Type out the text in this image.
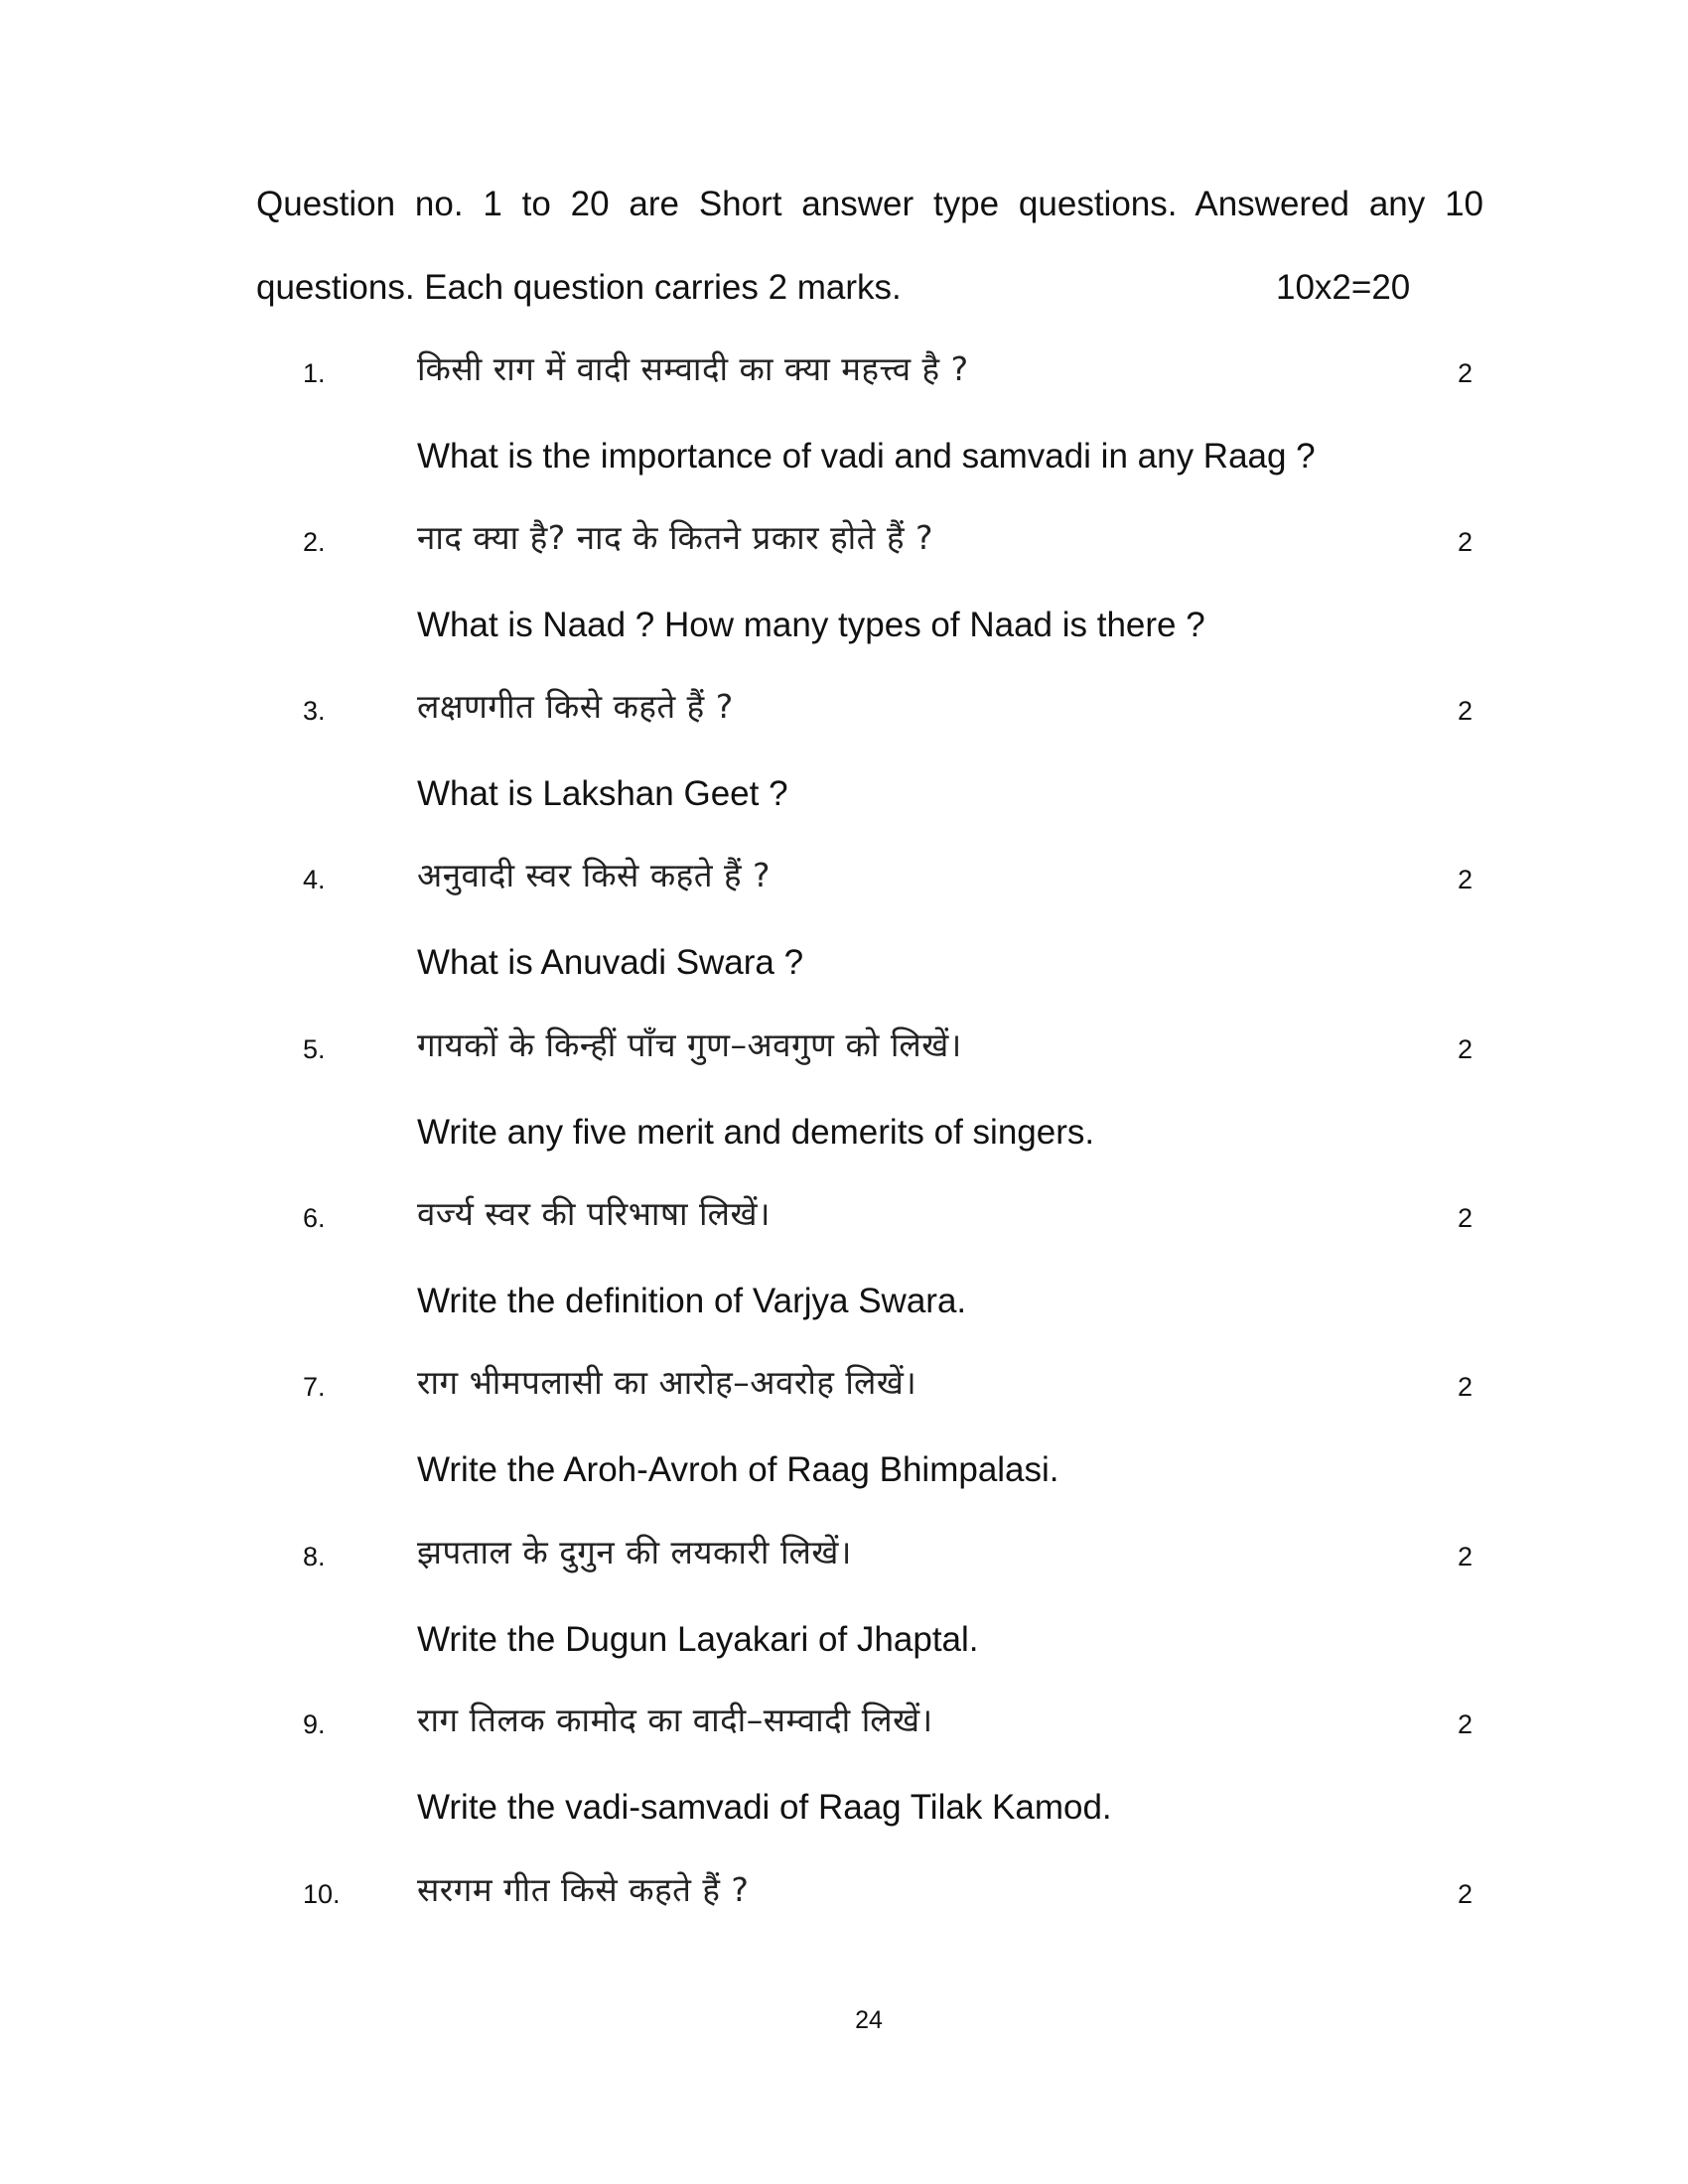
Question no. 1 to 20 are Short answer type questions. Answered any 10
questions. Each question carries 2 marks.	10x2=20
1.	किसी राग में वादी सम्वादी का क्या महत्त्व है ?	2
What is the importance of vadi and samvadi in any Raag ?
2.	नाद क्या है? नाद के कितने प्रकार होते हैं ?	2
What is Naad ? How many types of Naad is there ?
3.	लक्षणगीत किसे कहते हैं ?	2
What is Lakshan Geet ?
4.	अनुवादी स्वर किसे कहते हैं ?	2
What is Anuvadi Swara ?
5.	गायकों के किन्हीं पाँच गुण–अवगुण को लिखें।	2
Write any five merit and demerits of singers.
6.	वर्ज्य स्वर की परिभाषा लिखें।	2
Write the definition of Varjya Swara.
7.	राग भीमपलासी का आरोह–अवरोह लिखें।	2
Write the Aroh-Avroh of Raag Bhimpalasi.
8.	झपताल के दुगुन की लयकारी लिखें।	2
Write the Dugun Layakari of Jhaptal.
9.	राग तिलक कामोद का वादी–सम्वादी लिखें।	2
Write the vadi-samvadi of Raag Tilak Kamod.
10. सरगम गीत किसे कहते हैं ?	2
24
